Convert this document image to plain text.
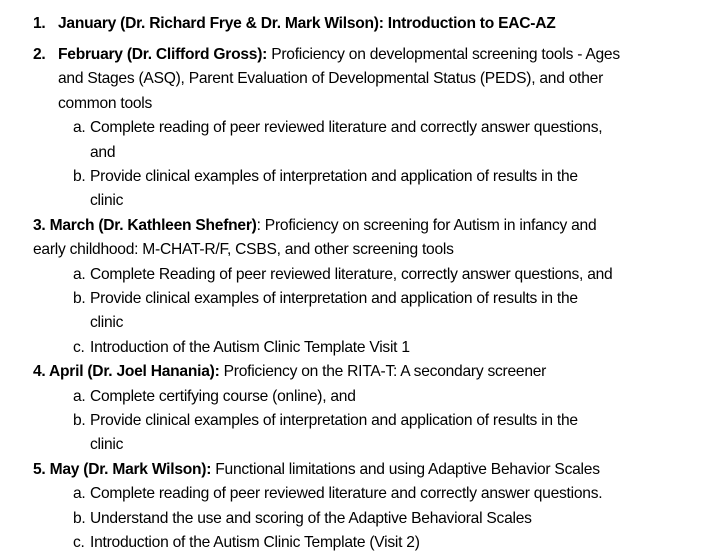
1. January (Dr. Richard Frye & Dr. Mark Wilson): Introduction to EAC-AZ
2. February (Dr. Clifford Gross): Proficiency on developmental screening tools - Ages
and Stages (ASQ), Parent Evaluation of Developmental Status (PEDS), and other
common tools
a. Complete reading of peer reviewed literature and correctly answer questions,
and
b. Provide clinical examples of interpretation and application of results in the
clinic
3. March (Dr. Kathleen Shefner): Proficiency on screening for Autism in infancy and
early childhood: M-CHAT-R/F, CSBS, and other screening tools
a. Complete Reading of peer reviewed literature, correctly answer questions, and
b. Provide clinical examples of interpretation and application of results in the
clinic
c. Introduction of the Autism Clinic Template Visit 1
4. April (Dr. Joel Hanania): Proficiency on the RITA-T: A secondary screener
a. Complete certifying course (online), and
b. Provide clinical examples of interpretation and application of results in the
clinic
5. May (Dr. Mark Wilson): Functional limitations and using Adaptive Behavior Scales
a. Complete reading of peer reviewed literature and correctly answer questions.
b. Understand the use and scoring of the Adaptive Behavioral Scales
c. Introduction of the Autism Clinic Template (Visit 2)
